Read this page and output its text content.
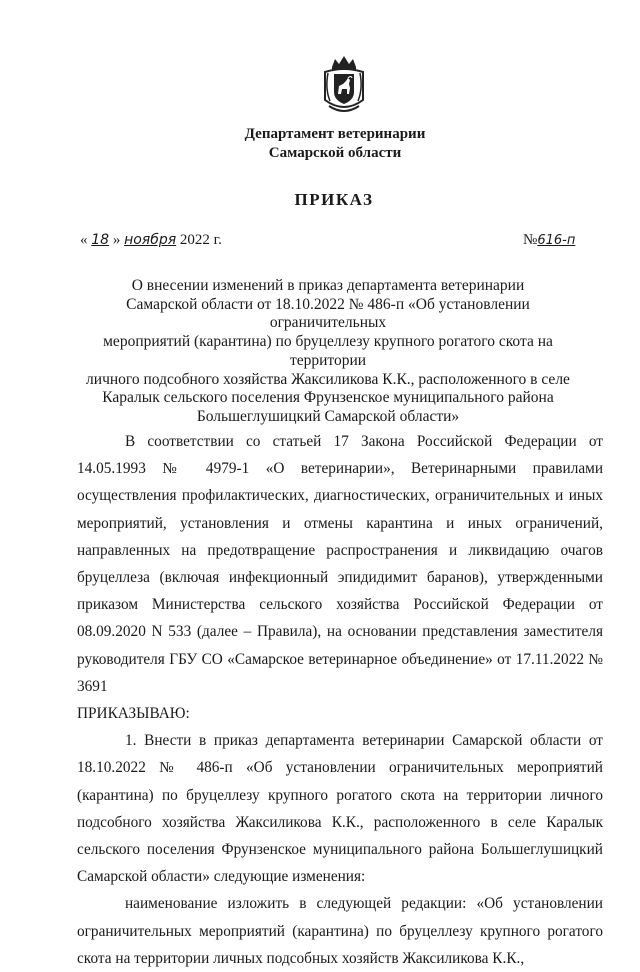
Департамент ветеринарии
Самарской области
ПРИКАЗ
« 18 » ноября 2022 г.	№616-п
О внесении изменений в приказ департамента ветеринарии
Самарской области от 18.10.2022 № 486-п «Об установлении ограничительных
мероприятий (карантина) по бруцеллезу крупного рогатого скота на территории
личного подсобного хозяйства Жаксиликова К.К., расположенного в селе
Каралык сельского поселения Фрунзенское муниципального района
Большеглушицкий Самарской области»

В соответствии со статьей 17 Закона Российской Федерации от 14.05.1993 № 4979-1 «О ветеринарии», Ветеринарными правилами осуществления профилактических, диагностических, ограничительных и иных мероприятий, установления и отмены карантина и иных ограничений, направленных на предотвращение распространения и ликвидацию очагов бруцеллеза (включая инфекционный эпидидимит баранов), утвержденными приказом Министерства сельского хозяйства Российской Федерации от 08.09.2020 N 533 (далее – Правила), на основании представления заместителя руководителя ГБУ СО «Самарское ветеринарное объединение» от 17.11.2022 № 3691

ПРИКАЗЫВАЮ:

1. Внести в приказ департамента ветеринарии Самарской области от 18.10.2022 № 486-п «Об установлении ограничительных мероприятий (карантина) по бруцеллезу крупного рогатого скота на территории личного подсобного хозяйства Жаксиликова К.К., расположенного в селе Каралык сельского поселения Фрунзенское муниципального района Большеглушицкий Самарской области» следующие изменения:

наименование изложить в следующей редакции: «Об установлении ограничительных мероприятий (карантина) по бруцеллезу крупного рогатого скота на территории личных подсобных хозяйств Жаксиликова К.К.,
